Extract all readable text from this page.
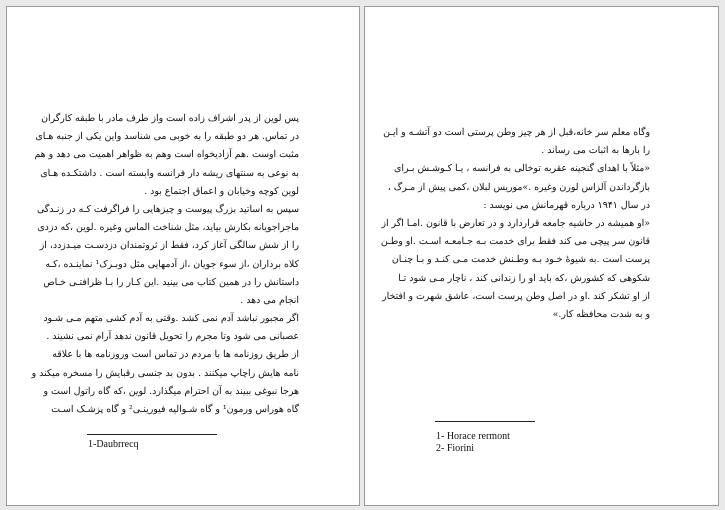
پس لوین از پدر اشراف زاده است واز طرف مادر با طبقه کارگران
در تماس. هر دو طبقه را به خوبی می شناسد واین یکی از جنبه هـای
مثبت اوست .هم آزادیخواه است وهم به ظواهر اهمیت می دهد و هم
به نوعی به سنتهای ریشه دار فرانسه وابسته است . داشتکـده هـای
لوین کوچه وخیابان و اعماق اجتماع بود .
سپس به اساتید بزرگ پیوست و چیزهایی را فراگرفت کـه در زنـدگی
ماجراجویانه بکارش بیاید، مثل شناخت الماس وغیره .لوین ،که دزدی
را از شش سالگی آغاز کرد، فقط از ثروتمندان دزدسـت میـدزدد، از
کلاه برداران ،از سوء جویان ،از آدمهایی مثل دوبـرک¹ نماینـده ،کـه
داستانش را در همین کتاب می بینید .این کـار را بـا ظرافتـی خـاص
انجام می دهد .
اگر مجبور نباشد آدم نمی کشد .وقتی به آدم کشی متهم مـی شـود
عصبانی می شود وتا مجرم را تحویل قانون ندهد آرام نمی نشیند .
از طریق روزنامه ها با مردم در تماس است وروزنامه ها با علاقه
نامه هایش راچاپ میکنند . بدون بد جنسی رقبایش را مسخره میکند و
هرجا نبوغی ببیند به آن احترام میگذارد. لوین ،که گاه راتول است و
گاه هوراس ورمون¹ و گاه شـوالیه فیورینـی² و گاه پزشـک اسـت
1-Daubrrecq
وگاه معلم سر خانه،قبل از هر چیز وطن پرستی است دو آتشـه و ایـن
را بارها به اثبات می رساند .
«مثلاً با اهدای گنجینه عقربه توخالی به فرانسه ، یـا کـوشـش بـرای
بازگرداندن آلزاس لورن وغیره .»موریس لبلان ،کمی پیش از مـرگ ،
در سال ۱۹۴۱ درباره قهرمانش می نویسد :
«او همیشه در حاشیه جامعه قراردارد و در تعارض با قانون .امـا اگر از
قانون سر پیچی می کند فقط برای خدمت بـه جـامعـه اسـت .او وطـن
پرست است .به شیوهٔ خـود بـه وطـنش خدمت مـی کنـد و بـا چنـان
شکوهی که کشورش ،که باید او را زندانی کند ، ناچار مـی شود تـا
از او تشکر کند .او در اصل وطن پرست است، عاشق شهرت و افتخار
و به شدت محافظه کار.»
1- Horace rermont
2- Fiorini
